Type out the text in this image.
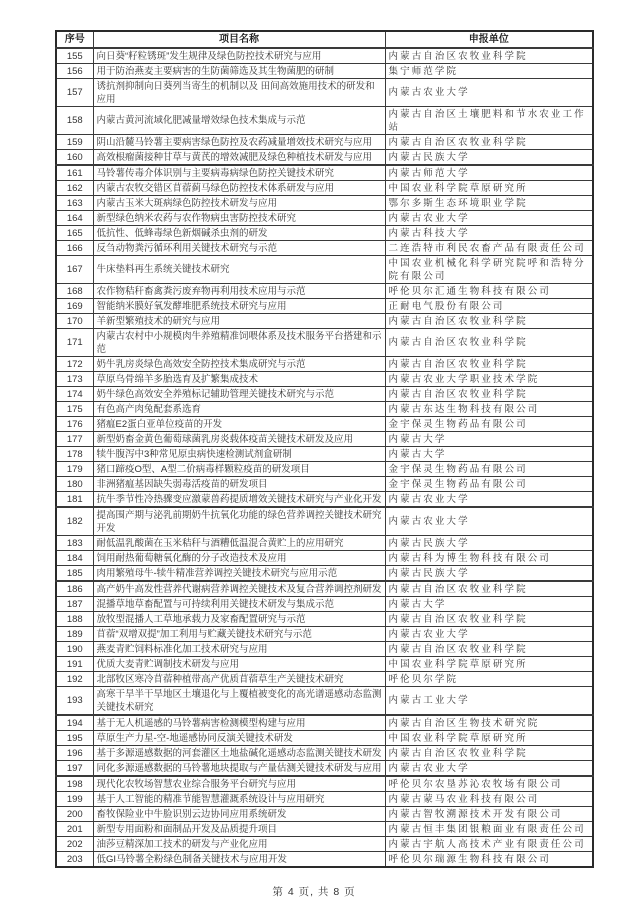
序号	项目名称	申报单位
155	向日葵“籽粒锈斑”发生规律及绿色防控技术研究与应用	内蒙古自治区农牧业科学院
156	用于防治燕麦主要病害的生防菌筛选及其生物菌肥的研制	集宁师范学院
157	诱抗剂抑制向日葵列当寄生的机制以及 田间高效施用技术的研发和应用	内蒙古农业大学
158	内蒙古黄河流域化肥减量增效绿色技术集成与示范	内蒙古自治区土壤肥料和节水农业工作站
159	阴山沿麓马铃薯主要病害绿色防控及农药减量增效技术研究与应用	内蒙古自治区农牧业科学院
160	高效根瘤菌接种甘草与黄芪的增效减肥及绿色种植技术研发与应用	内蒙古民族大学
161	马铃薯传毒介体识别与主要病毒病绿色防控关键技术研究	内蒙古师范大学
162	内蒙古农牧交错区苜蓿蓟马绿色防控技术体系研发与应用	中国农业科学院草原研究所
163	内蒙古玉米大斑病绿色防控技术研发与应用	鄂尔多斯生态环境职业学院
164	新型绿色纳米农药与农作物病虫害防控技术研究	内蒙古农业大学
165	低抗性、低蜂毒绿色新烟碱杀虫剂的研发	内蒙古科技大学
166	反刍动物粪污循环利用关键技术研究与示范	二连浩特市利民农畜产品有限责任公司
167	牛床垫料再生系统关键技术研究	中国农业机械化科学研究院呼和浩特分院有限公司
168	农作物秸秆畜禽粪污废弃物再利用技术应用与示范	呼伦贝尔汇通生物科技有限公司
169	智能纳米膜好氧发酵堆肥系统技术研究与应用	正耐电气股份有限公司
170	羊新型繁殖技术的研究与应用	内蒙古自治区农牧业科学院
171	内蒙古农村中小规模肉牛养殖精准饲喂体系及技术服务平台搭建和示范	内蒙古自治区农牧业科学院
172	奶牛乳房炎绿色高效安全防控技术集成研究与示范	内蒙古自治区农牧业科学院
173	草原乌骨绵羊多胎选育及扩繁集成技术	内蒙古农业大学职业技术学院
174	奶牛绿色高效安全养殖标记辅助管理关键技术研究与示范	内蒙古自治区农牧业科学院
175	有色高产肉兔配套系选育	内蒙古东达生物科技有限公司
176	猪瘟E2蛋白亚单位疫苗的开发	金宇保灵生物药品有限公司
177	新型奶畜金黄色葡萄球菌乳房炎载体疫苗关键技术研发及应用	内蒙古大学
178	犊牛腹泻中3种常见原虫病快速检测试剂盒研制	内蒙古大学
179	猪口蹄疫O型、A型二价病毒样颗粒疫苗的研发项目	金宇保灵生物药品有限公司
180	非洲猪瘟基因缺失弱毒活疫苗的研发项目	金宇保灵生物药品有限公司
181	抗牛季节性冷热骤变应激蒙兽药提质增效关键技术研究与产业化开发	内蒙古农业大学
182	提高围产期与泌乳前期奶牛抗氧化功能的绿色营养调控关键技术研究开发	内蒙古农业大学
183	耐低温乳酸菌在玉米秸秆与酒糟低温混合黄贮上的应用研究	内蒙古民族大学
184	饲用耐热葡萄糖氧化酶的分子改造技术及应用	内蒙古科为博生物科技有限公司
185	肉用繁殖母牛-犊牛精准营养调控关键技术研究与应用示范	内蒙古民族大学
186	高产奶牛高发性营养代谢病营养调控关键技术及复合营养调控剂研发	内蒙古自治区农牧业科学院
187	混播草地草畜配置与可持续利用关键技术研发与集成示范	内蒙古大学
188	放牧型混播人工草地承载力及家畜配置研究与示范	内蒙古自治区农牧业科学院
189	苜蓿“双增双提”加工利用与贮藏关键技术研究与示范	内蒙古农业大学
190	燕麦青贮饲料标准化加工技术研究与应用	内蒙古自治区农牧业科学院
191	优质大麦青贮调制技术研发与应用	中国农业科学院草原研究所
192	北部牧区寒冷苜蓿种植带高产优质苜蓿草生产关键技术研究	呼伦贝尔学院
193	高寒干旱半干旱地区土壤退化与上覆植被变化的高光谱遥感动态监测关键技术研究	内蒙古工业大学
194	基于无人机遥感的马铃薯病害检测模型构建与应用	内蒙古自治区生物技术研究院
195	草原生产力星-空-地遥感协同反演关键技术研发	中国农业科学院草原研究所
196	基于多源遥感数据的河套灌区土地盐碱化遥感动态监测关键技术研发	内蒙古自治区农牧业科学院
197	同化多源遥感数据的马铃薯地块提取与产量估测关键技术研发与应用	内蒙古农业大学
198	现代化农牧场智慧农业综合服务平台研究与应用	呼伦贝尔农垦苏沁农牧场有限公司
199	基于人工智能的精准节能智慧灌溉系统设计与应用研究	内蒙古蒙马农业科技有限公司
200	畜牧保险业中牛脸识别云边协同应用系统研发	内蒙古智牧溯源技术开发有限公司
201	新型专用面粉和面制品开发及品质提升项目	内蒙古恒丰集团银粮面业有限责任公司
202	油莎豆精深加工技术的研发与产业化应用	内蒙古宇航人高技术产业有限责任公司
203	低GI马铃薯全粉绿色制备关键技术与应用开发	呼伦贝尔瑞源生物科技有限公司
第 4 页, 共 8 页
